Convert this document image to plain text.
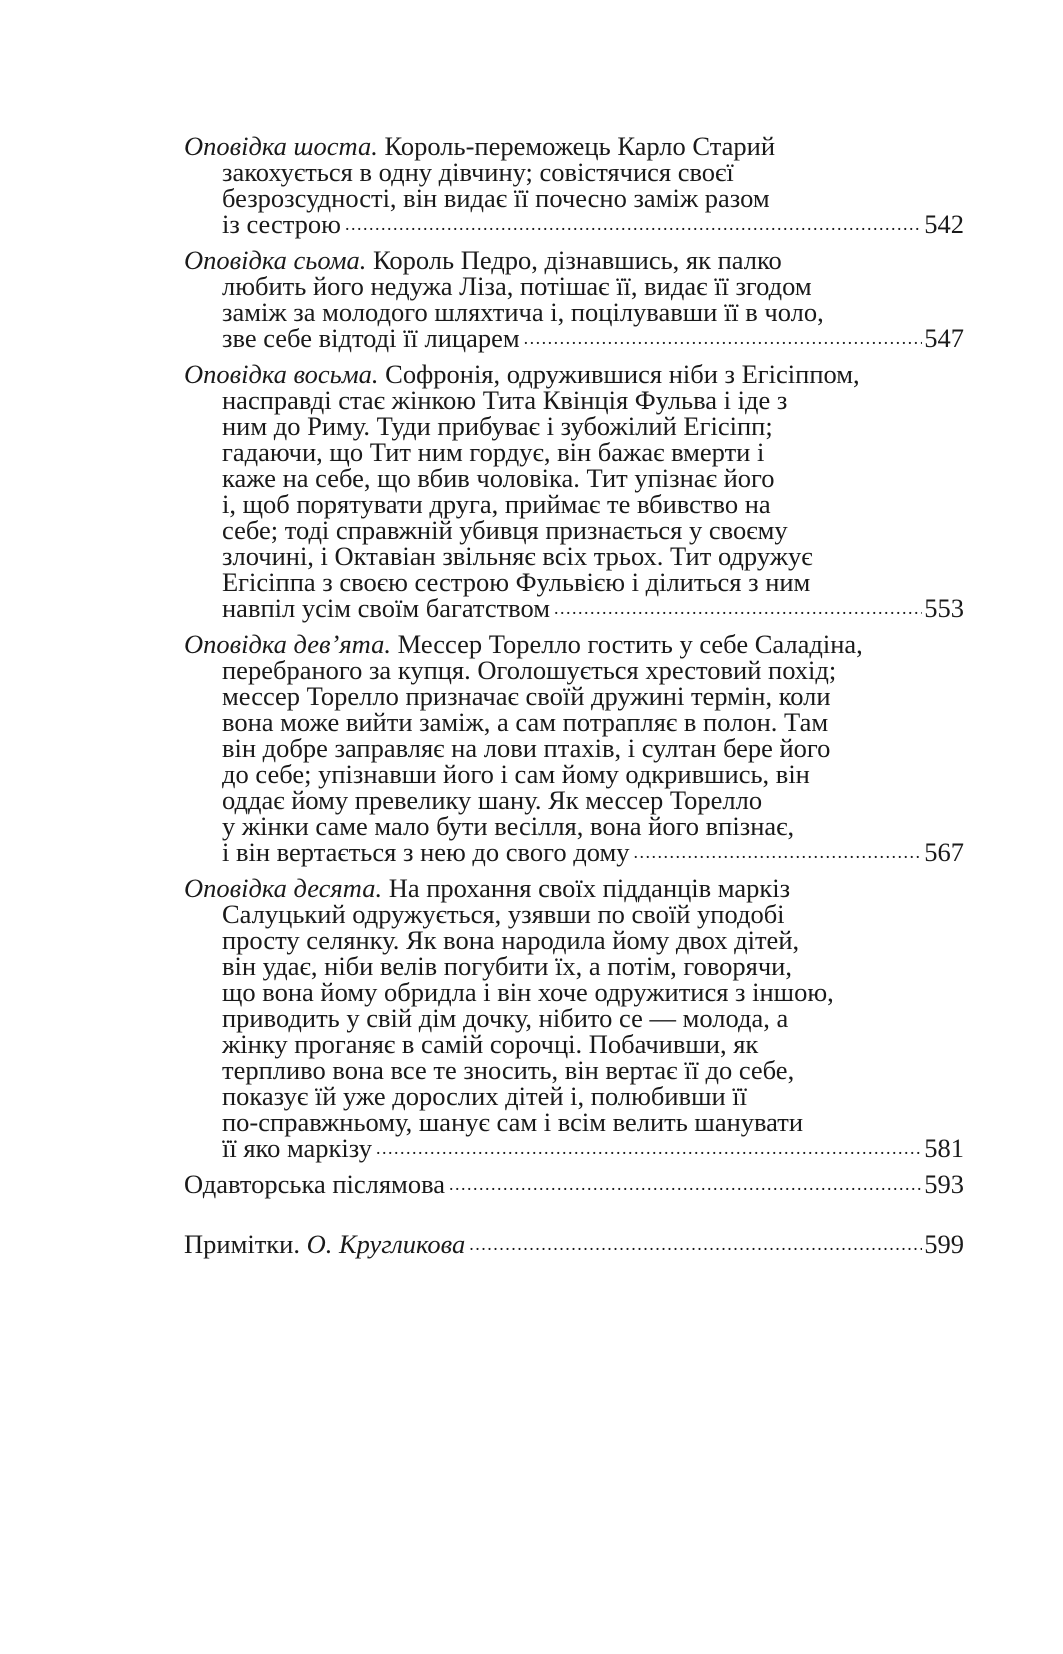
Оповідка шоста. Король-переможець Карло Старий
закохується в одну дівчину; совістячися своєї
безрозсудності, він видає її почесно заміж разом
із сестрою .....	542
Оповідка сьома. Король Педро, дізнавшись, як палко
любить його недужа Ліза, потішає її, видає її згодом
заміж за молодого шляхтича і, поцілувавши її в чоло,
зве себе відтоді її лицарем .....	547
Оповідка восьма. Софронія, одружившися ніби з Егісіппом,
насправді стає жінкою Тита Квінція Фульва і іде з
ним до Риму. Туди прибуває і зубожілий Егісіпп;
гадаючи, що Тит ним гордує, він бажає вмерти і
каже на себе, що вбив чоловіка. Тит упізнає його
і, щоб порятувати друга, приймає те вбивство на
себе; тоді справжній убивця признається у своєму
злочині, і Октавіан звільняє всіх трьох. Тит одружує
Егісіппа з своєю сестрою Фульвією і ділиться з ним
навпіл усім своїм багатством .....	553
Оповідка дев’ята. Мессер Торелло гостить у себе Саладіна,
перебраного за купця. Оголошується хрестовий похід;
мессер Торелло призначає своїй дружині термін, коли
вона може вийти заміж, а сам потрапляє в полон. Там
він добре заправляє на лови птахів, і султан бере його
до себе; упізнавши його і сам йому одкрившись, він
оддає йому превелику шану. Як мессер Торелло
у жінки саме мало бути весілля, вона його впізнає,
і він вертається з нею до свого дому .....	567
Оповідка десята. На прохання своїх підданців маркіз
Салуцький одружується, узявши по своїй уподобі
просту селянку. Як вона народила йому двох дітей,
він удає, ніби велів погубити їх, а потім, говорячи,
що вона йому обридла і він хоче одружитися з іншою,
приводить у свій дім дочку, нібито се — молода, а
жінку проганяє в самій сорочці. Побачивши, як
терпливо вона все те зносить, він вертає її до себе,
показує їй уже дорослих дітей і, полюбивши її
по-справжньому, шанує сам і всім велить шанувати
її яко маркізу .....	581
Одавторська післямова .....	593
Примітки. О. Кругликова .....	599
